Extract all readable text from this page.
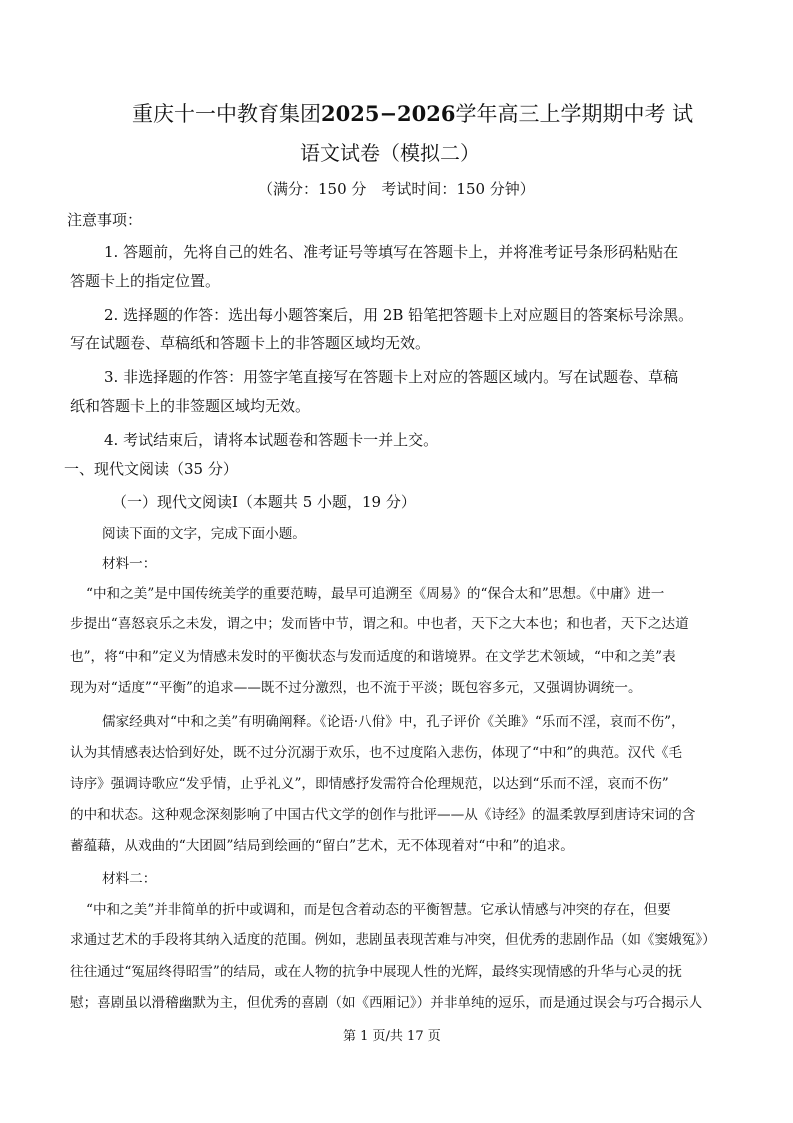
重庆十一中教育集团2025−2026学年高三上学期期中考 试
语文试卷（模拟二）
（满分：150 分　考试时间：150 分钟）
注意事项：
1. 答题前，先将自己的姓名、准考证号等填写在答题卡上，并将准考证号条形码粘贴在
答题卡上的指定位置。
2. 选择题的作答：选出每小题答案后，用 2B 铅笔把答题卡上对应题目的答案标号涂黑。
写在试题卷、草稿纸和答题卡上的非答题区域均无效。
3. 非选择题的作答：用签字笔直接写在答题卡上对应的答题区域内。写在试题卷、草稿
纸和答题卡上的非签题区域均无效。
4. 考试结束后，请将本试题卷和答题卡一并上交。
一、现代文阅读（35 分）
（一）现代文阅读Ⅰ（本题共 5 小题，19 分）
阅读下面的文字，完成下面小题。
材料一：
“中和之美”是中国传统美学的重要范畴，最早可追溯至《周易》的“保合太和”思想。《中庸》进一
步提出“喜怒哀乐之未发，谓之中；发而皆中节，谓之和。中也者，天下之大本也；和也者，天下之达道
也”，将“中和”定义为情感未发时的平衡状态与发而适度的和谐境界。在文学艺术领域，“中和之美”表
现为对“适度”“平衡”的追求——既不过分激烈，也不流于平淡；既包容多元，又强调协调统一。
儒家经典对“中和之美”有明确阐释。《论语·八佾》中，孔子评价《关雎》“乐而不淫，哀而不伤”，
认为其情感表达恰到好处，既不过分沉溺于欢乐，也不过度陷入悲伤，体现了“中和”的典范。汉代《毛
诗序》强调诗歌应“发乎情，止乎礼义”，即情感抒发需符合伦理规范，以达到“乐而不淫，哀而不伤”
的中和状态。这种观念深刻影响了中国古代文学的创作与批评——从《诗经》的温柔敦厚到唐诗宋词的含
蓄蕴藉，从戏曲的“大团圆”结局到绘画的“留白”艺术，无不体现着对“中和”的追求。
材料二：
“中和之美”并非简单的折中或调和，而是包含着动态的平衡智慧。它承认情感与冲突的存在，但要
求通过艺术的手段将其纳入适度的范围。例如，悲剧虽表现苦难与冲突，但优秀的悲剧作品（如《窦娥冤》）
往往通过“冤屈终得昭雪”的结局，或在人物的抗争中展现人性的光辉，最终实现情感的升华与心灵的抚
慰；喜剧虽以滑稽幽默为主，但优秀的喜剧（如《西厢记》）并非单纯的逗乐，而是通过误会与巧合揭示人
第 1 页/共 17 页
